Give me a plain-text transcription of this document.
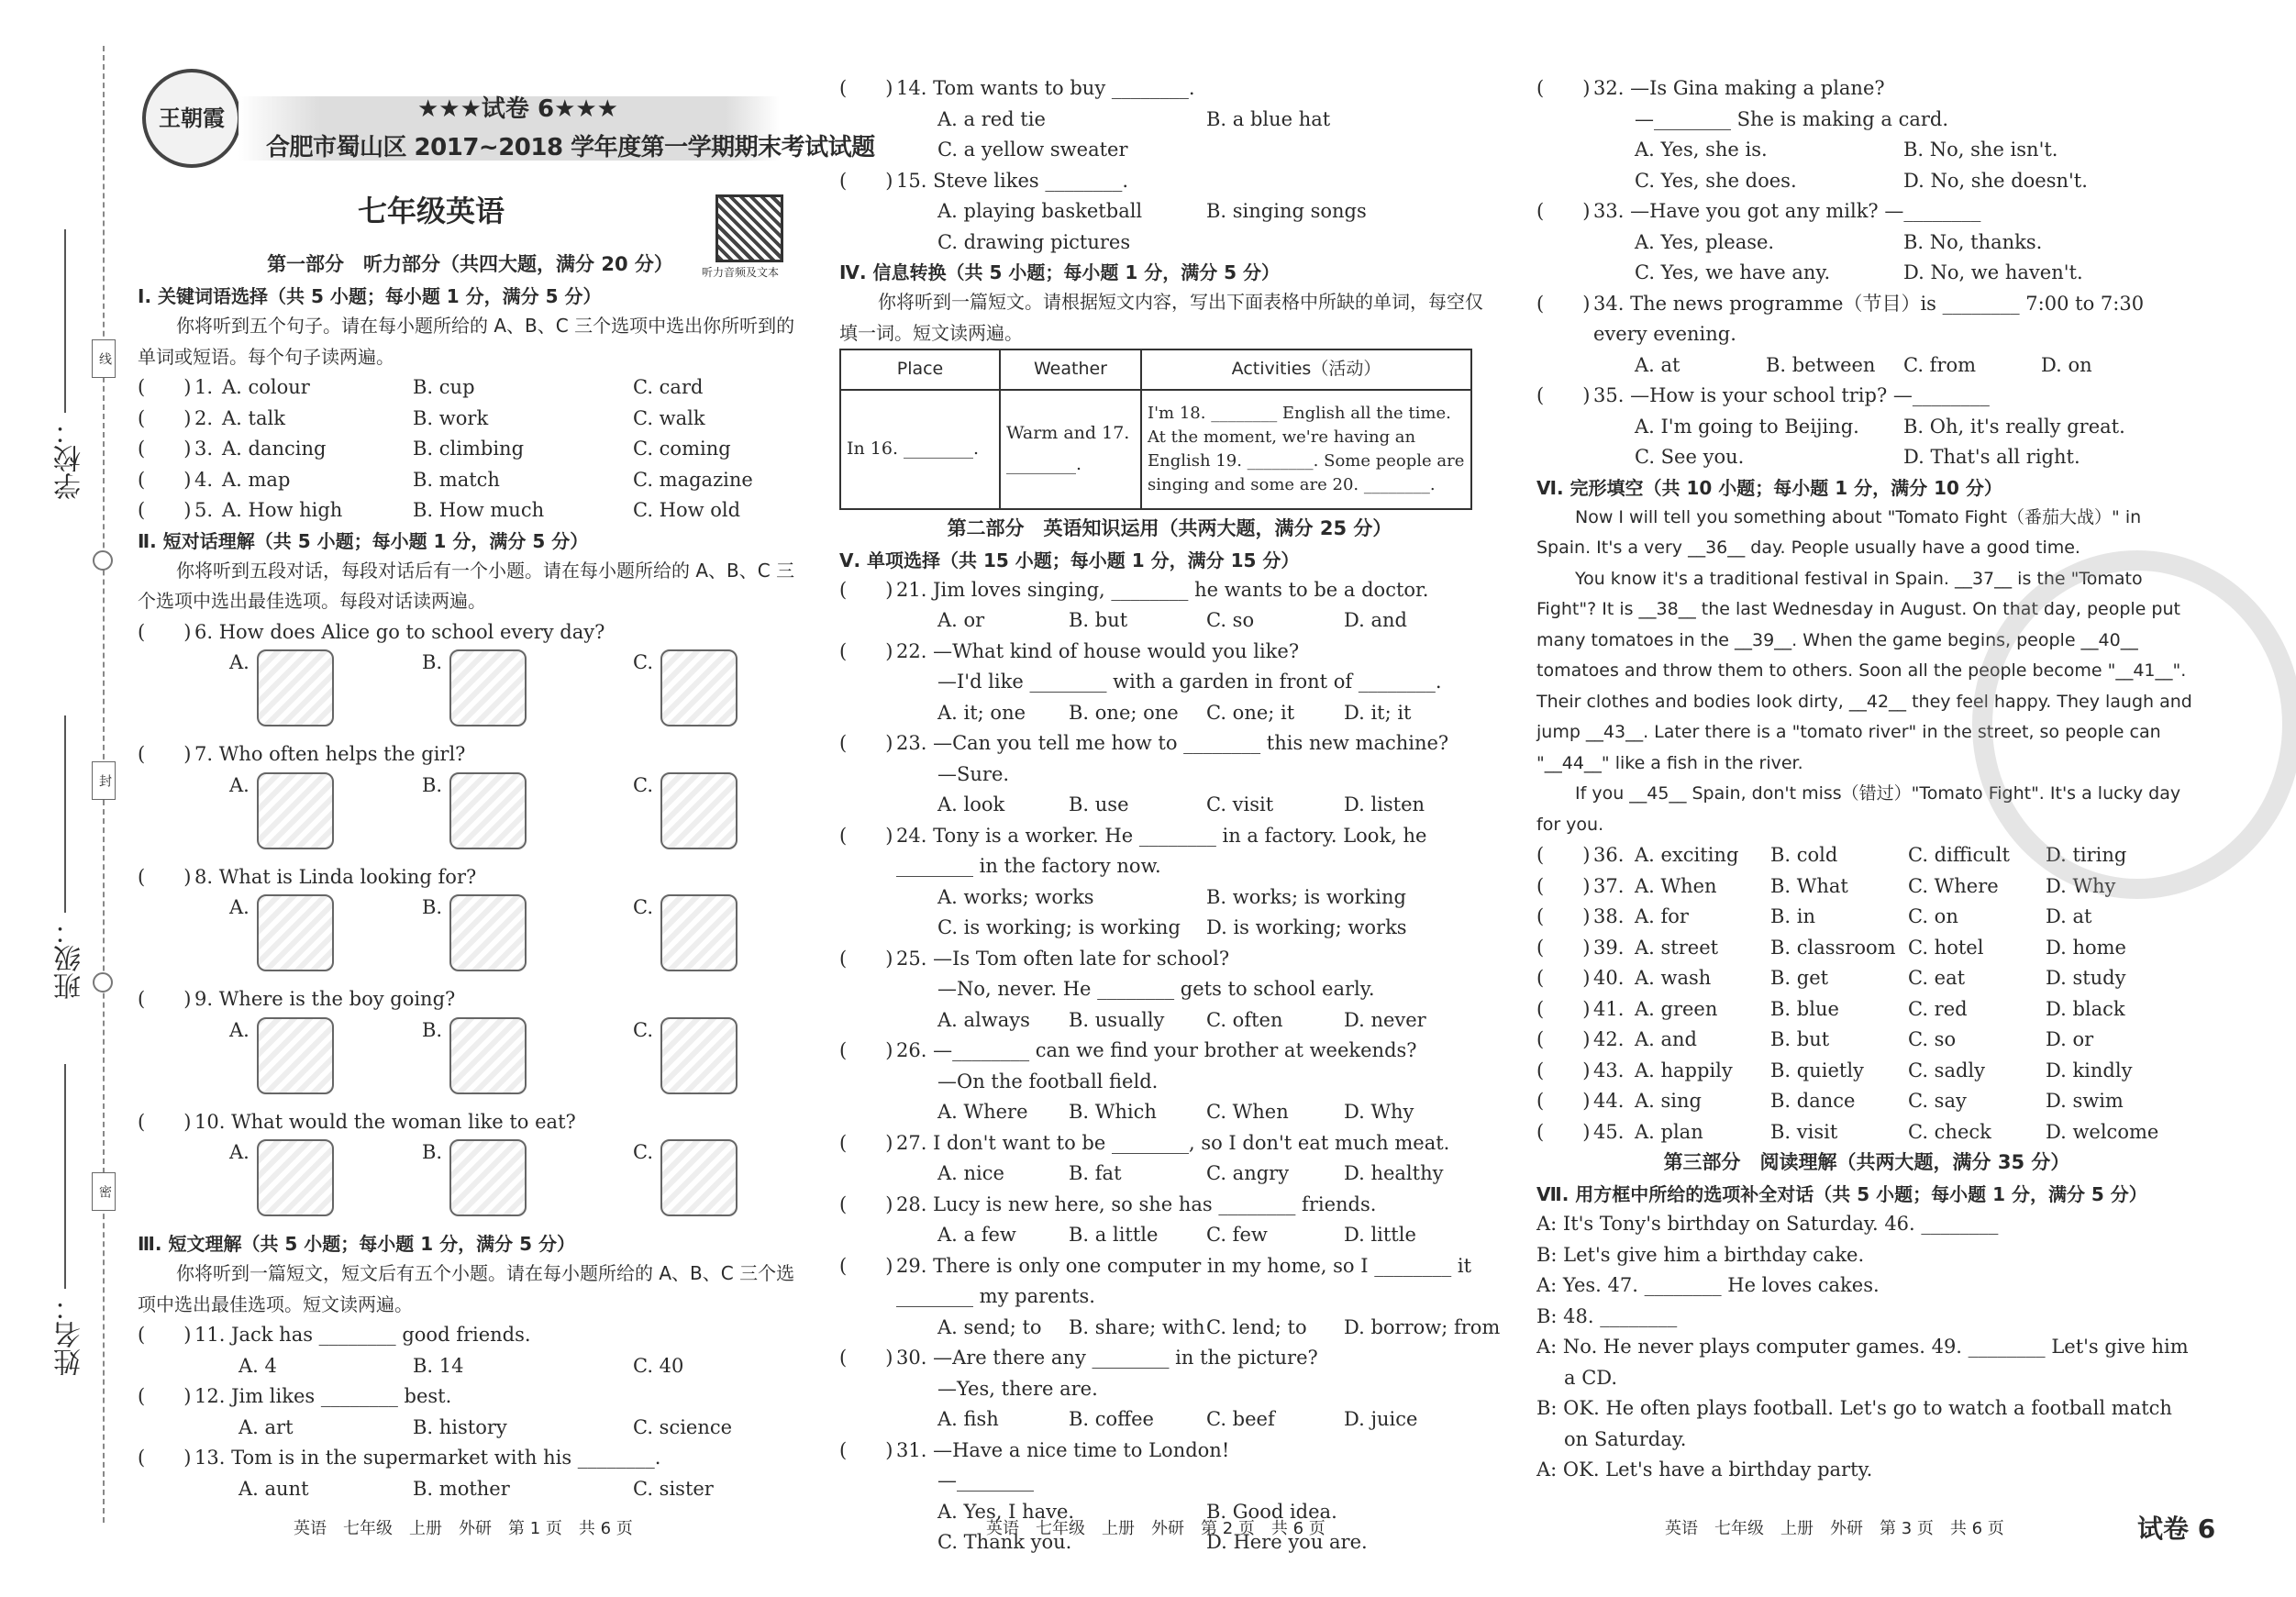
学校：
班级：
姓名：
线
封
密
王朝霞	★★★试卷 6★★★
合肥市蜀山区 2017~2018 学年度第一学期期末考试试题
七年级英语
听力音频及文本
第一部分　听力部分（共四大题，满分 20 分）
Ⅰ. 关键词语选择（共 5 小题；每小题 1 分，满分 5 分）
你将听到五个句子。请在每小题所给的 A、B、C 三个选项中选出你所听到的单词或短语。每个句子读两遍。
(　　) 1. A. colour	B. cup	C. card
(　　) 2. A. talk	B. work	C. walk
(　　) 3. A. dancing	B. climbing	C. coming
(　　) 4. A. map	B. match	C. magazine
(　　) 5. A. How high	B. How much	C. How old
Ⅱ. 短对话理解（共 5 小题；每小题 1 分，满分 5 分）
你将听到五段对话，每段对话后有一个小题。请在每小题所给的 A、B、C 三个选项中选出最佳选项。每段对话读两遍。
(　　) 6. How does Alice go to school every day?
A.	B.	C.
(　　) 7. Who often helps the girl?
A.	B.	C.
(　　) 8. What is Linda looking for?
A.	B.	C.
(　　) 9. Where is the boy going?
A.	B.	C.
(　　) 10. What would the woman like to eat?
A.	B.	C.
Ⅲ. 短文理解（共 5 小题；每小题 1 分，满分 5 分）
你将听到一篇短文，短文后有五个小题。请在每小题所给的 A、B、C 三个选项中选出最佳选项。短文读两遍。
(　　) 11. Jack has ________ good friends.
A. 4	B. 14	C. 40
(　　) 12. Jim likes ________ best.
A. art	B. history	C. science
(　　) 13. Tom is in the supermarket with his ________.
A. aunt	B. mother	C. sister
(　　) 14. Tom wants to buy ________.
A. a red tie	B. a blue hat
C. a yellow sweater
(　　) 15. Steve likes ________.
A. playing basketball	B. singing songs
C. drawing pictures
Ⅳ. 信息转换（共 5 小题；每小题 1 分，满分 5 分）
你将听到一篇短文。请根据短文内容，写出下面表格中所缺的单词，每空仅填一词。短文读两遍。
Place	Weather	Activities（活动）
In 16. ________.	Warm and 17. ________.	I'm 18. ________ English all the time. At the moment, we're having an English 19. ________. Some people are singing and some are 20. ________.
第二部分　英语知识运用（共两大题，满分 25 分）
Ⅴ. 单项选择（共 15 小题；每小题 1 分，满分 15 分）
(　　) 21. Jim loves singing, ________ he wants to be a doctor.
A. or	B. but	C. so	D. and
(　　) 22. —What kind of house would you like?
—I'd like ________ with a garden in front of ________.
A. it; one B. one; one C. one; it	D. it; it
(　　) 23. —Can you tell me how to ________ this new machine?
—Sure.
A. look	B. use	C. visit	D. listen
(　　) 24. Tony is a worker. He ________ in a factory. Look, he ________ in the factory now.
A. works; works	B. works; is working
C. is working; is working D. is working; works
(　　) 25. —Is Tom often late for school?
—No, never. He ________ gets to school early.
A. always B. usually C. often	D. never
(　　) 26. —________ can we find your brother at weekends?
—On the football field.
A. Where B. Which	C. When	D. Why
(　　) 27. I don't want to be ________, so I don't eat much meat.
A. nice	B. fat	C. angry	D. healthy
(　　) 28. Lucy is new here, so she has ________ friends.
A. a few	B. a little	C. few	D. little
(　　) 29. There is only one computer in my home, so I ________ it ________ my parents.
A. send; to B. share; with C. lend; to D. borrow; from
(　　) 30. —Are there any ________ in the picture?
—Yes, there are.
A. fish	B. coffee	C. beef	D. juice
(　　) 31. —Have a nice time to London!
—________
A. Yes, I have.	B. Good idea.
C. Thank you.	D. Here you are.
(　　) 32. —Is Gina making a plane?
—________ She is making a card.
A. Yes, she is.	B. No, she isn't.
C. Yes, she does.	D. No, she doesn't.
(　　) 33. —Have you got any milk? —________
A. Yes, please.	B. No, thanks.
C. Yes, we have any.	D. No, we haven't.
(　　) 34. The news programme（节目）is ________ 7:00 to 7:30 every evening.
A. at	B. between C. from	D. on
(　　) 35. —How is your school trip? —________
A. I'm going to Beijing. B. Oh, it's really great.
C. See you.	D. That's all right.
Ⅵ. 完形填空（共 10 小题；每小题 1 分，满分 10 分）
Now I will tell you something about "Tomato Fight（番茄大战）" in Spain. It's a very __36__ day. People usually have a good time.
You know it's a traditional festival in Spain. __37__ is the "Tomato Fight"? It is __38__ the last Wednesday in August. On that day, people put many tomatoes in the __39__. When the game begins, people __40__ tomatoes and throw them to others. Soon all the people become "__41__". Their clothes and bodies look dirty, __42__ they feel happy. They laugh and jump __43__. Later there is a "tomato river" in the street, so people can "__44__" like a fish in the river.
If you __45__ Spain, don't miss（错过）"Tomato Fight". It's a lucky day for you.
(　　) 36. A. exciting B. cold	C. difficult D. tiring
(　　) 37. A. When	B. What	C. Where D. Why
(　　) 38. A. for	B. in	C. on	D. at
(　　) 39. A. street	B. classroom C. hotel	D. home
(　　) 40. A. wash	B. get	C. eat	D. study
(　　) 41. A. green	B. blue	C. red	D. black
(　　) 42. A. and	B. but	C. so	D. or
(　　) 43. A. happily B. quietly C. sadly	D. kindly
(　　) 44. A. sing	B. dance	C. say	D. swim
(　　) 45. A. plan	B. visit	C. check	D. welcome
第三部分　阅读理解（共两大题，满分 35 分）
Ⅶ. 用方框中所给的选项补全对话（共 5 小题；每小题 1 分，满分 5 分）
A: It's Tony's birthday on Saturday. 46. ________
B: Let's give him a birthday cake.
A: Yes. 47. ________ He loves cakes.
B: 48. ________
A: No. He never plays computer games. 49. ________ Let's give him a CD.
B: OK. He often plays football. Let's go to watch a football match on Saturday.
A: OK. Let's have a birthday party.
英语　七年级　上册　外研　第 1 页　共 6 页	英语　七年级　上册　外研　第 2 页　共 6 页	英语　七年级　上册　外研　第 3 页　共 6 页	试卷 6
